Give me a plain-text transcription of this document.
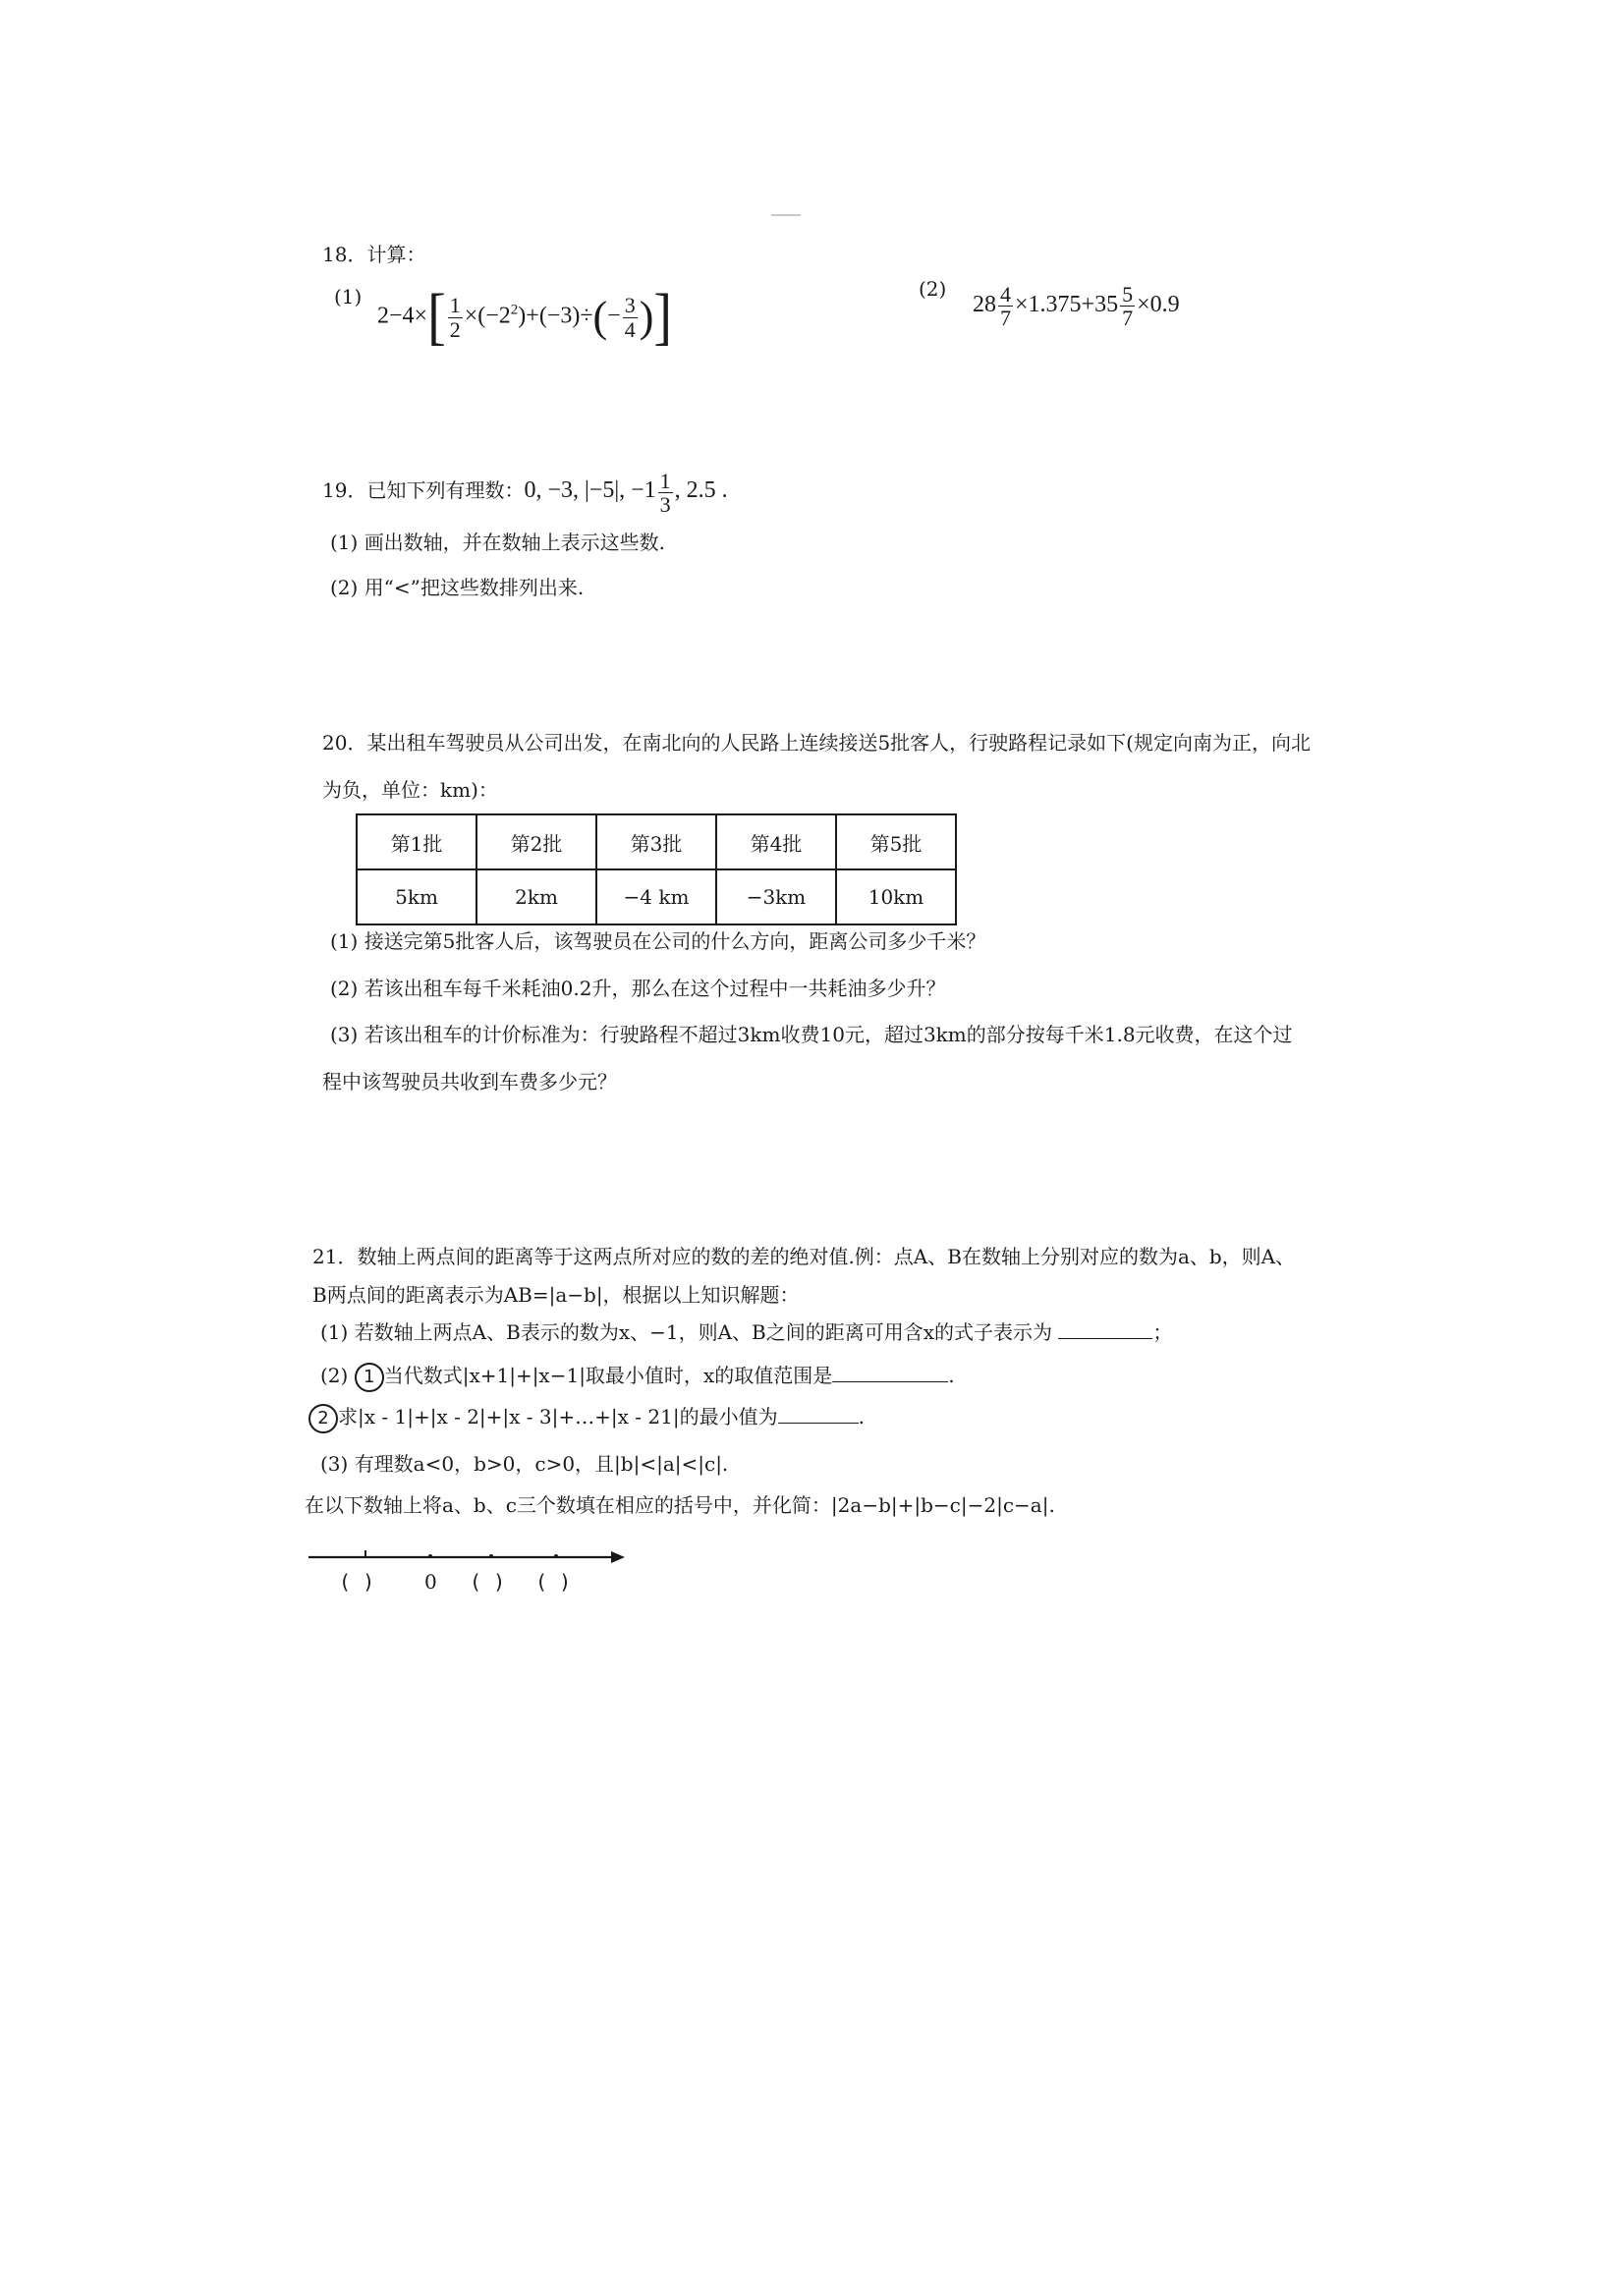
18．计算：
(1)
$2-4\times[ \frac{1}{2} \times(-2^2)+(-3)\div(- \frac{3}{4}$ )]	(2)
$28 \frac{4}{7} \times 1.375+35 \frac{5}{7} \times 0.9$
19．已知下列有理数：0, −3, |−5|, $-1 \frac{1}{3}$ , 2.5 .
(1) 画出数轴，并在数轴上表示这些数.
(2) 用“<”把这些数排列出来.
20．某出租车驾驶员从公司出发，在南北向的人民路上连续接送5批客人，行驶路程记录如下(规定向南为正，向北
为负，单位：km)：
第1批	第2批	第3批	第4批	第5批
5km	2km	−4 km	−3km	10km
(1) 接送完第5批客人后，该驾驶员在公司的什么方向，距离公司多少千米？
(2) 若该出租车每千米耗油0.2升，那么在这个过程中一共耗油多少升？
(3) 若该出租车的计价标准为：行驶路程不超过3km收费10元，超过3km的部分按每千米1.8元收费，在这个过
程中该驾驶员共收到车费多少元？
21．数轴上两点间的距离等于这两点所对应的数的差的绝对值.例：点A、B在数轴上分别对应的数为a、b，则A、
B两点间的距离表示为AB=|a−b|，根据以上知识解题：
(1) 若数轴上两点A、B表示的数为x、−1，则A、B之间的距离可用含x的式子表示为	；
(2) 1 当代数式|x+1|+|x−1|取最小值时，x的取值范围是	.
2 求|x - 1|+|x - 2|+|x - 3|+…+|x - 21|的最小值为	.
(3) 有理数a<0，b>0，c>0，且|b|<|a|<|c|.
在以下数轴上将a、b、c三个数填在相应的括号中，并化简：|2a−b|+|b−c|−2|c−a|.
( )	0 ( ) ( )
